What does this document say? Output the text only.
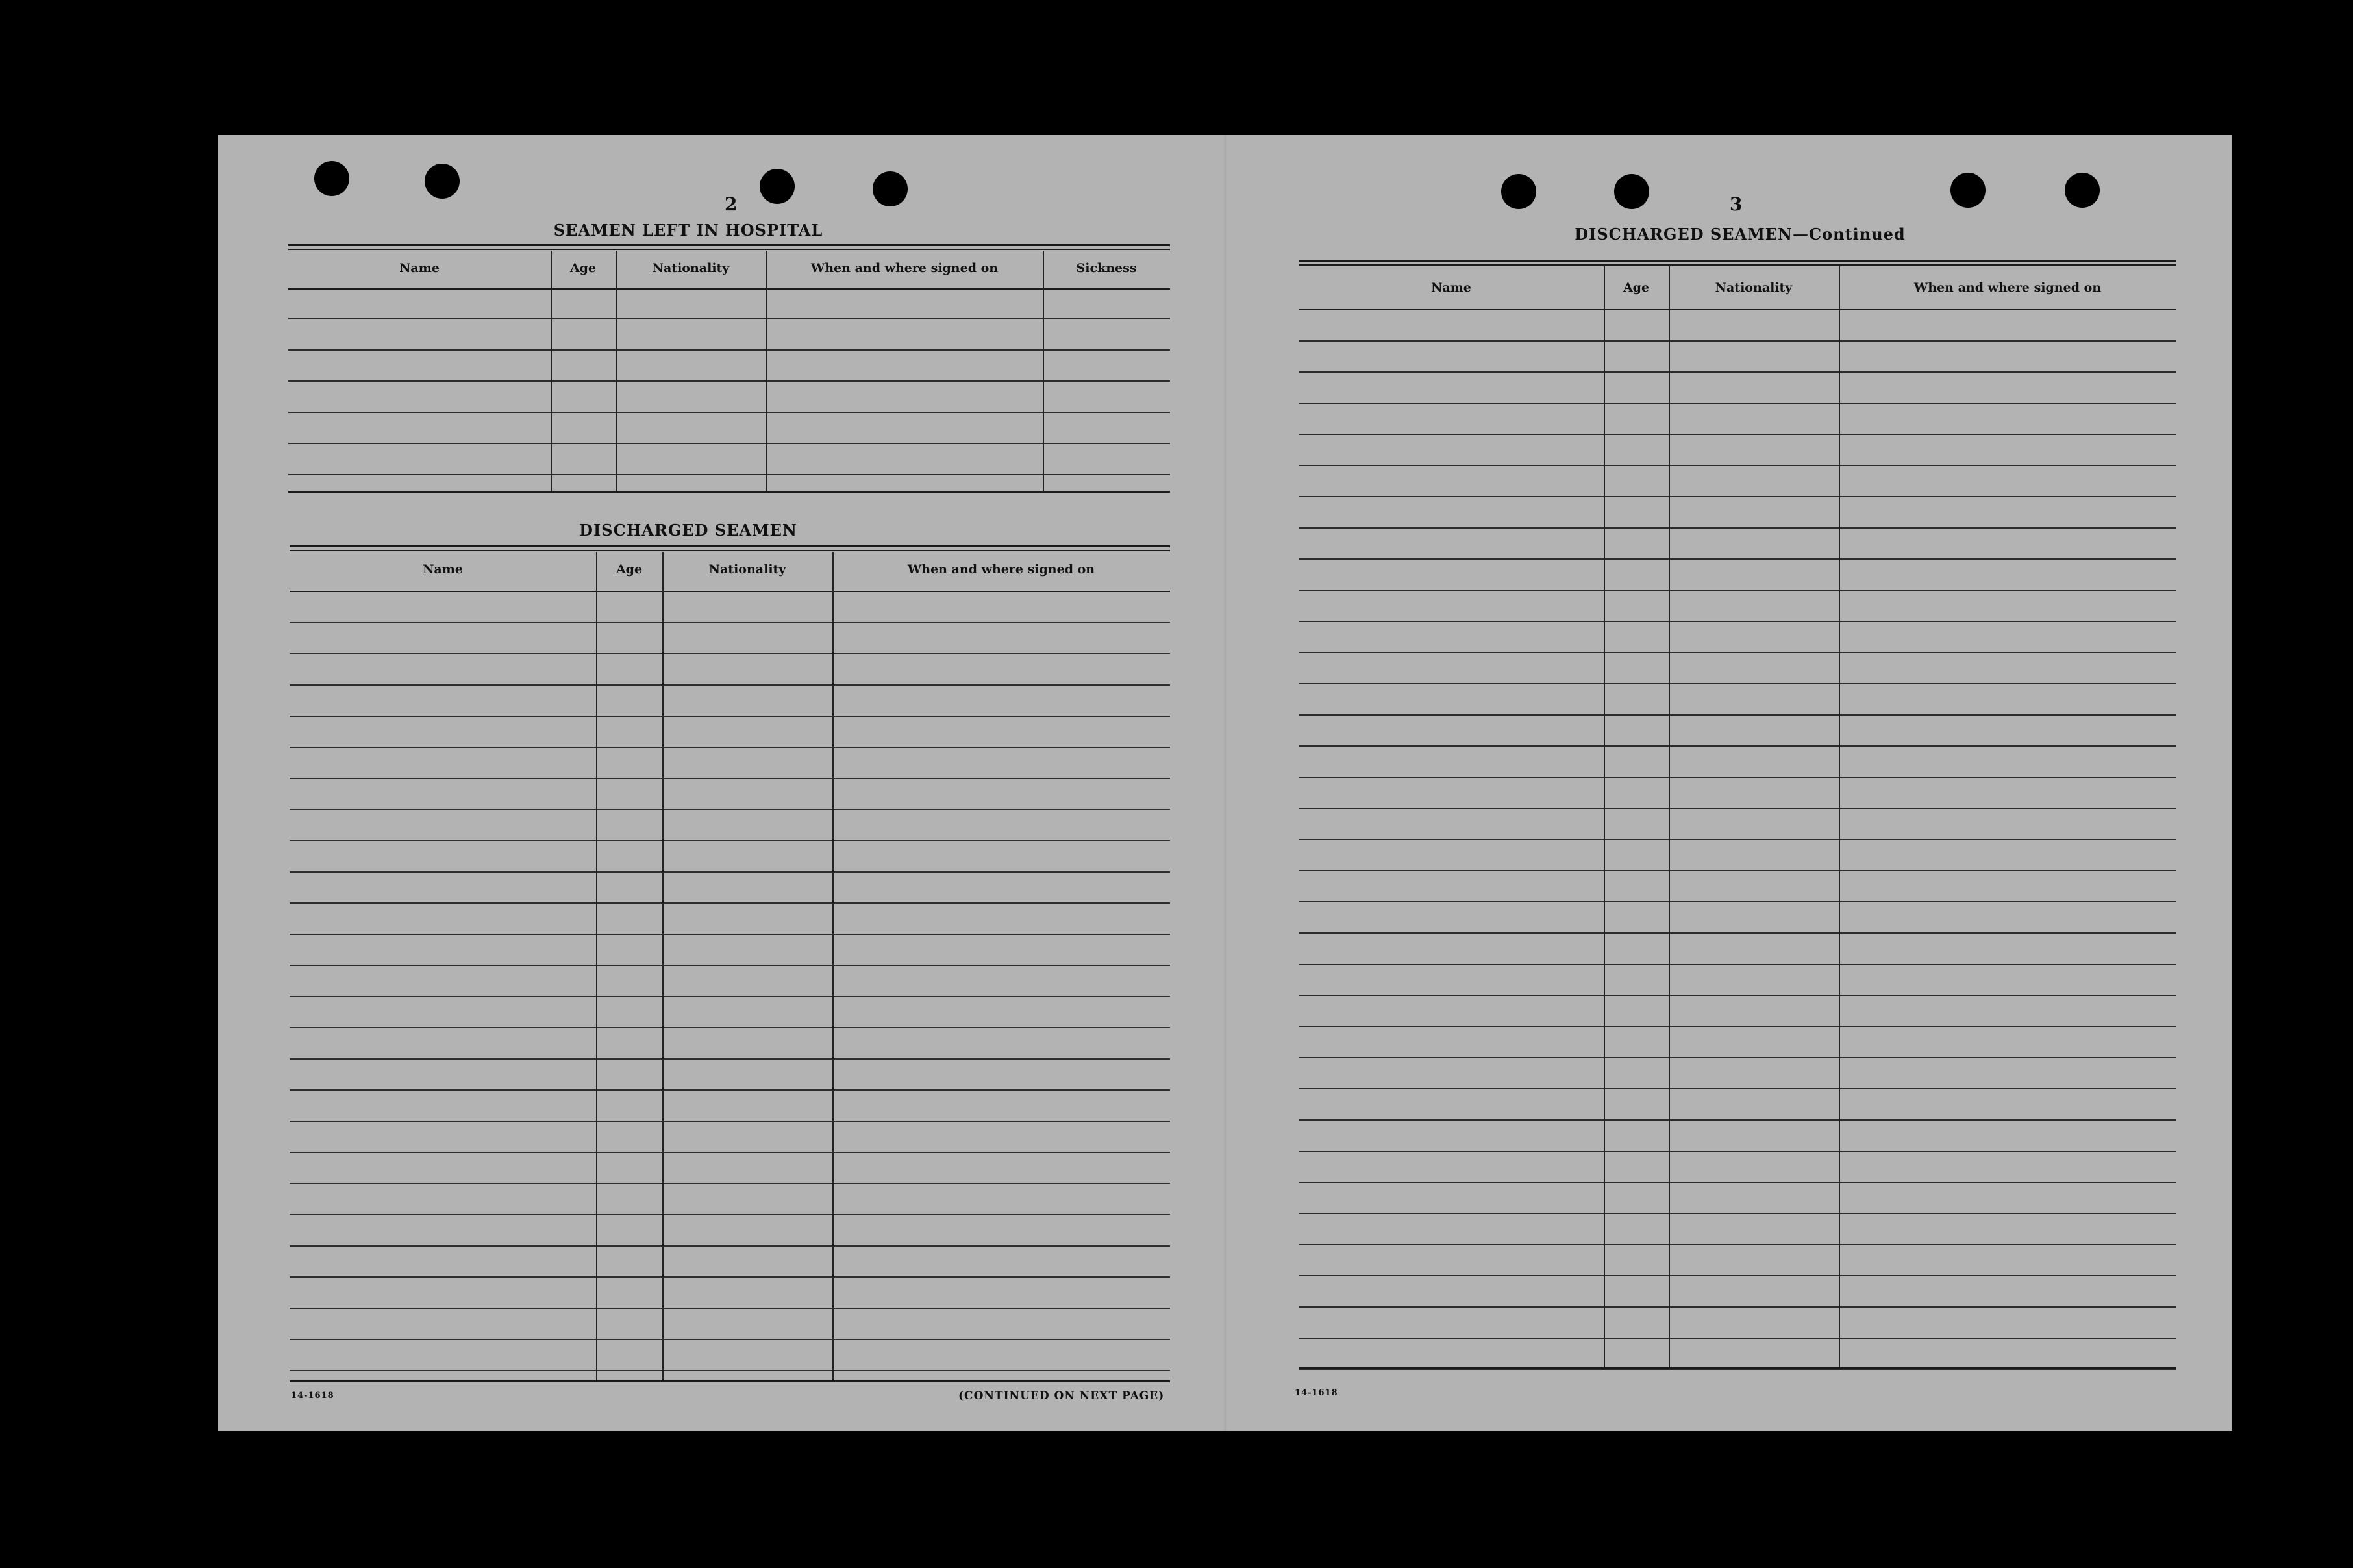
2
SEAMEN LEFT IN HOSPITAL
Name	Age	Nationality	When and where signed on	Sickness
DISCHARGED SEAMEN
Name	Age	Nationality	When and where signed on
14-1618	(CONTINUED ON NEXT PAGE)
3
DISCHARGED SEAMEN—Continued
Name	Age	Nationality	When and where signed on
14-1618
